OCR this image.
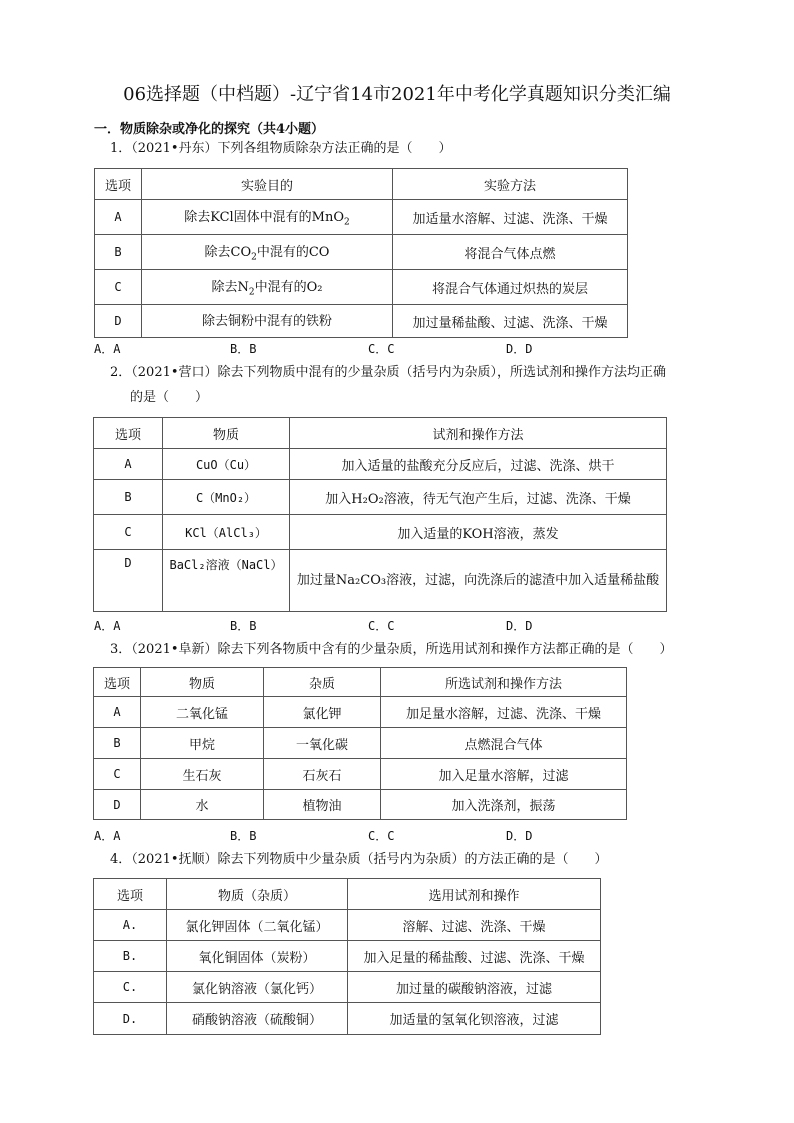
06选择题（中档题）-辽宁省14市2021年中考化学真题知识分类汇编
一．物质除杂或净化的探究（共4小题）
1．（2021•丹东）下列各组物质除杂方法正确的是（　　）
选项	实验目的	实验方法
A	除去KCl固体中混有的MnO$_2$	加适量水溶解、过滤、洗涤、干燥
B	除去$CO_2$中混有的CO	将混合气体点燃
C	除去$N_2$中混有的O₂	将混合气体通过炽热的炭层
D	除去铜粉中混有的铁粉	加过量稀盐酸、过滤、洗涤、干燥
A．A	B．B	C．C	D．D
2．（2021•营口）除去下列物质中混有的少量杂质（括号内为杂质），所选试剂和操作方法均正确
的是（　　）
选项	物质	试剂和操作方法
A	CuO（Cu）	加入适量的盐酸充分反应后，过滤、洗涤、烘干
B	C（MnO₂）	加入H₂O₂溶液，待无气泡产生后，过滤、洗涤、干燥
C	KCl（AlCl₃）	加入适量的KOH溶液，蒸发
D	BaCl₂溶液（NaCl）	加过量Na₂CO₃溶液，过滤，向洗涤后的滤渣中加入适量稀盐酸
A．A	B．B	C．C	D．D
3．（2021•阜新）除去下列各物质中含有的少量杂质，所选用试剂和操作方法都正确的是（　　）
选项	物质	杂质	所选试剂和操作方法
A	二氧化锰	氯化钾	加足量水溶解，过滤、洗涤、干燥
B	甲烷	一氧化碳	点燃混合气体
C	生石灰	石灰石	加入足量水溶解，过滤
D	水	植物油	加入洗涤剂，振荡
A．A	B．B	C．C	D．D
4．（2021•抚顺）除去下列物质中少量杂质（括号内为杂质）的方法正确的是（　　）
选项	物质（杂质）	选用试剂和操作
A.	氯化钾固体（二氧化锰）	溶解、过滤、洗涤、干燥
B.	氧化铜固体（炭粉）	加入足量的稀盐酸、过滤、洗涤、干燥
C.	氯化钠溶液（氯化钙）	加过量的碳酸钠溶液，过滤
D.	硝酸钠溶液（硫酸铜）	加适量的氢氧化钡溶液，过滤
